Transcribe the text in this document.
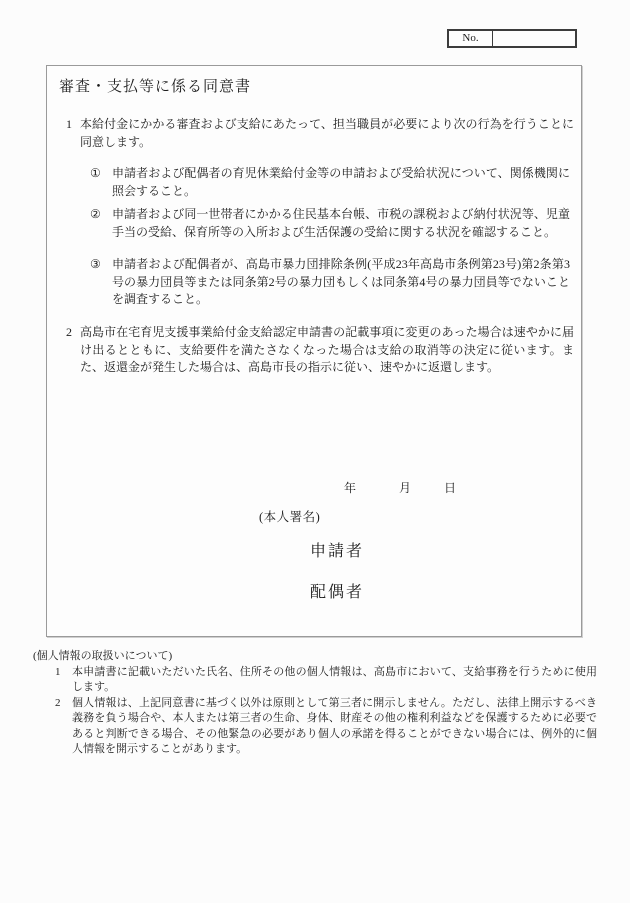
No.
審査・支払等に係る同意書
1 本給付金にかかる審査および支給にあたって、担当職員が必要により次の行為を行うことに同意します。

① 申請者および配偶者の育児休業給付金等の申請および受給状況について、関係機関に照会すること。

② 申請者および同一世帯者にかかる住民基本台帳、市税の課税および納付状況等、児童手当の受給、保育所等の入所および生活保護の受給に関する状況を確認すること。

③ 申請者および配偶者が、高島市暴力団排除条例(平成23年高島市条例第23号)第2条第3号の暴力団員等または同条第2号の暴力団もしくは同条第4号の暴力団員等でないことを調査すること。

2 高島市在宅育児支援事業給付金支給認定申請書の記載事項に変更のあった場合は速やかに届け出るとともに、支給要件を満たさなくなった場合は支給の取消等の決定に従います。また、返還金が発生した場合は、高島市長の指示に従い、速やかに返還します。

年	月	日
(本人署名)
申請者
配偶者
(個人情報の取扱いについて)
1	本申請書に記載いただいた氏名、住所その他の個人情報は、高島市において、支給事務を行うために使用します。

2	個人情報は、上記同意書に基づく以外は原則として第三者に開示しません。ただし、法律上開示するべき義務を負う場合や、本人または第三者の生命、身体、財産その他の権利利益などを保護するために必要であると判断できる場合、その他緊急の必要があり個人の承諾を得ることができない場合には、例外的に個人情報を開示することがあります。
